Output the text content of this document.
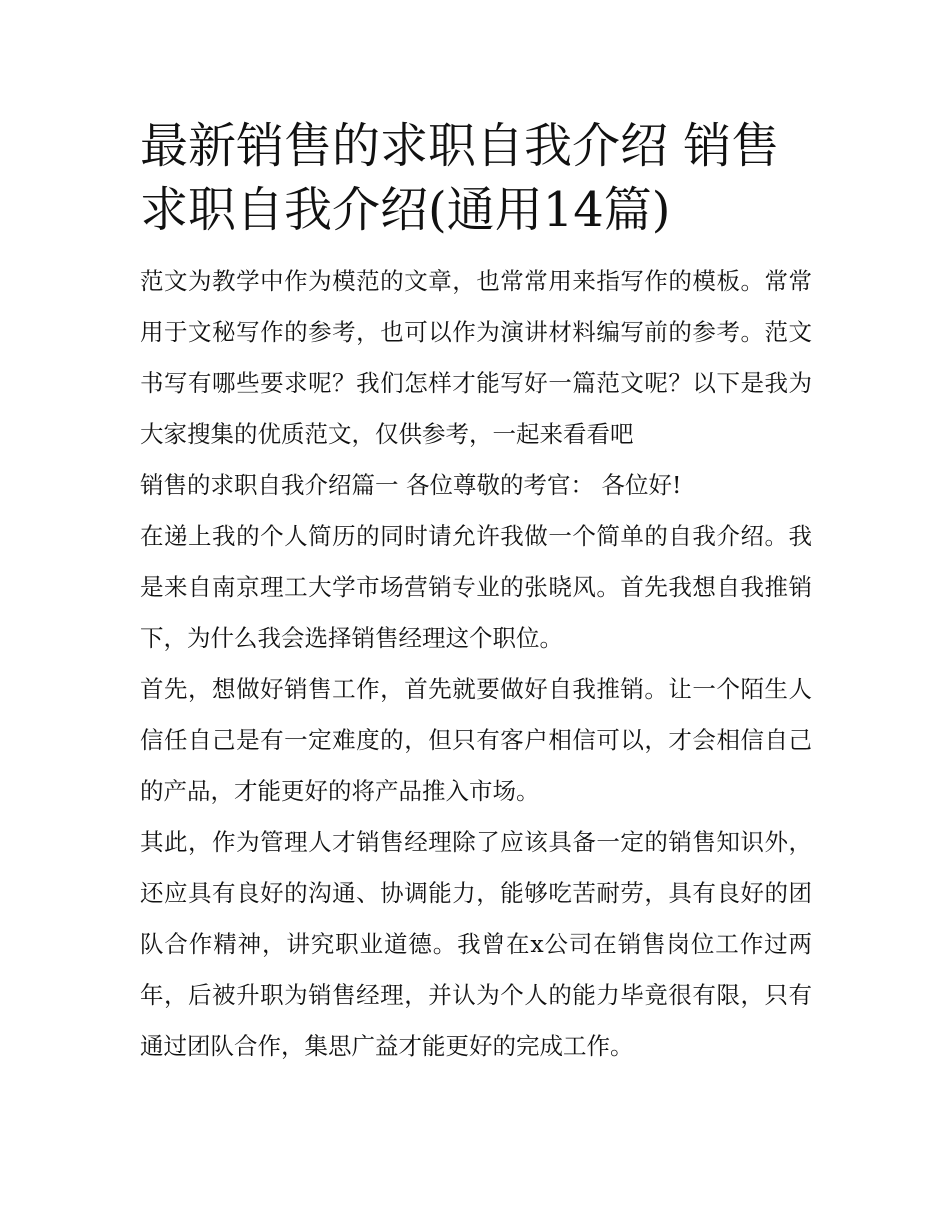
最新销售的求职自我介绍 销售求职自我介绍(通用14篇)

范文为教学中作为模范的文章，也常常用来指写作的模板。常常用于文秘写作的参考，也可以作为演讲材料编写前的参考。范文书写有哪些要求呢？我们怎样才能写好一篇范文呢？以下是我为大家搜集的优质范文，仅供参考，一起来看看吧

销售的求职自我介绍篇一 各位尊敬的考官： 各位好!

在递上我的个人简历的同时请允许我做一个简单的自我介绍。我是来自南京理工大学市场营销专业的张晓风。首先我想自我推销下，为什么我会选择销售经理这个职位。

首先，想做好销售工作，首先就要做好自我推销。让一个陌生人信任自己是有一定难度的，但只有客户相信可以，才会相信自己的产品，才能更好的将产品推入市场。

其此，作为管理人才销售经理除了应该具备一定的销售知识外，还应具有良好的沟通、协调能力，能够吃苦耐劳，具有良好的团队合作精神，讲究职业道德。我曾在x公司在销售岗位工作过两年，后被升职为销售经理，并认为个人的能力毕竟很有限，只有通过团队合作，集思广益才能更好的完成工作。
